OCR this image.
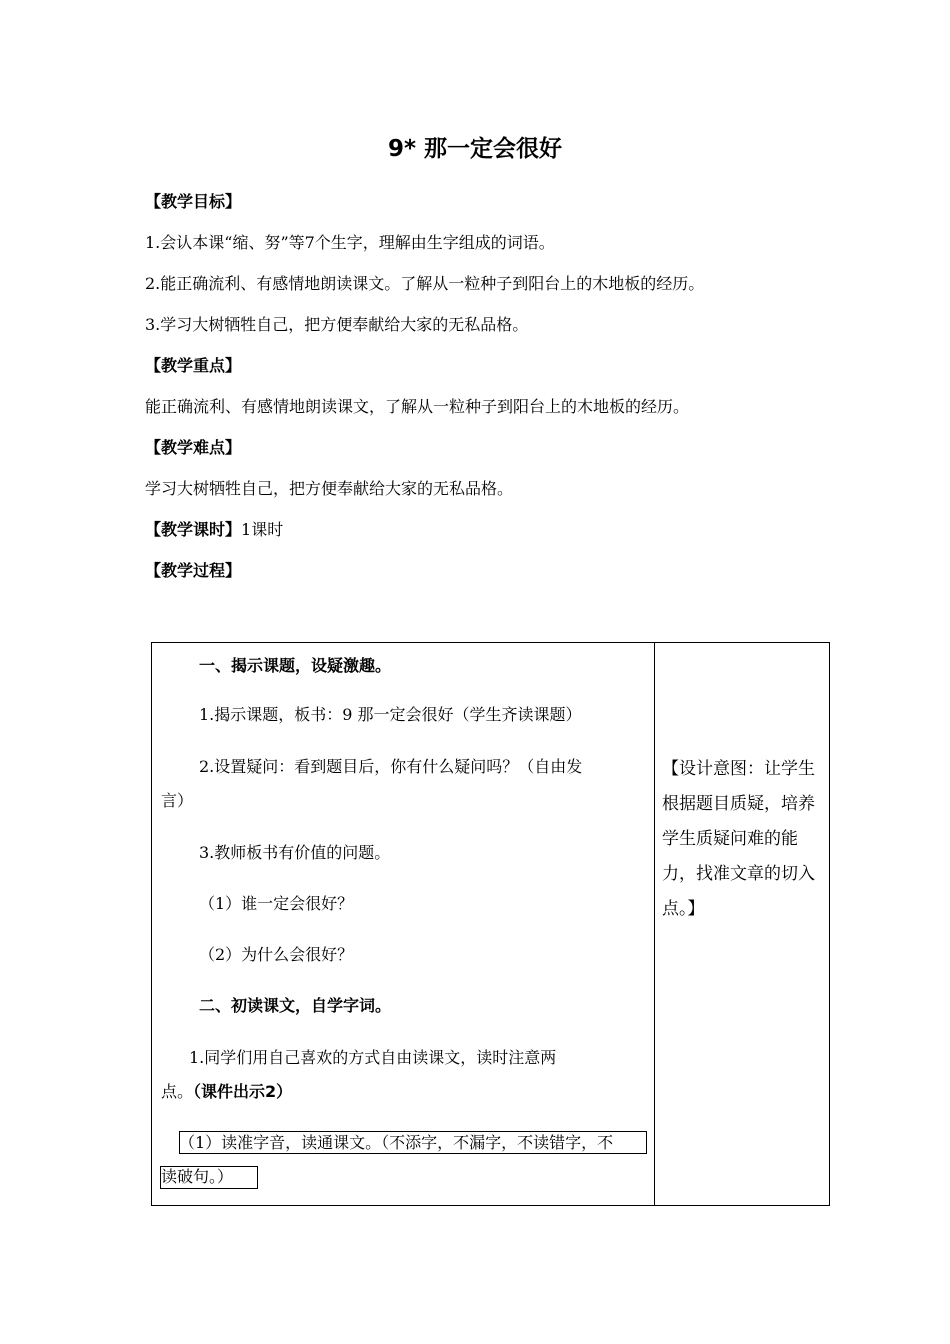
9* 那一定会很好

【教学目标】

1.会认本课“缩、努”等7个生字，理解由生字组成的词语。

2.能正确流利、有感情地朗读课文。了解从一粒种子到阳台上的木地板的经历。

3.学习大树牺牲自己，把方便奉献给大家的无私品格。

【教学重点】

能正确流利、有感情地朗读课文，了解从一粒种子到阳台上的木地板的经历。

【教学难点】

学习大树牺牲自己，把方便奉献给大家的无私品格。

【教学课时】1课时

【教学过程】

一、揭示课题，设疑激趣。

1.揭示课题，板书：9 那一定会很好（学生齐读课题）

2.设置疑问：看到题目后，你有什么疑问吗？（自由发

言）

3.教师板书有价值的问题。

（1）谁一定会很好？

（2）为什么会很好？

二、初读课文，自学字词。

1.同学们用自己喜欢的方式自由读课文，读时注意两

点。（课件出示2）

（1）读准字音，读通课文。（不添字，不漏字，不读错字，不

读破句。）

【设计意图：让学生根据题目质疑，培养学生质疑问难的能力，找准文章的切入点。】
